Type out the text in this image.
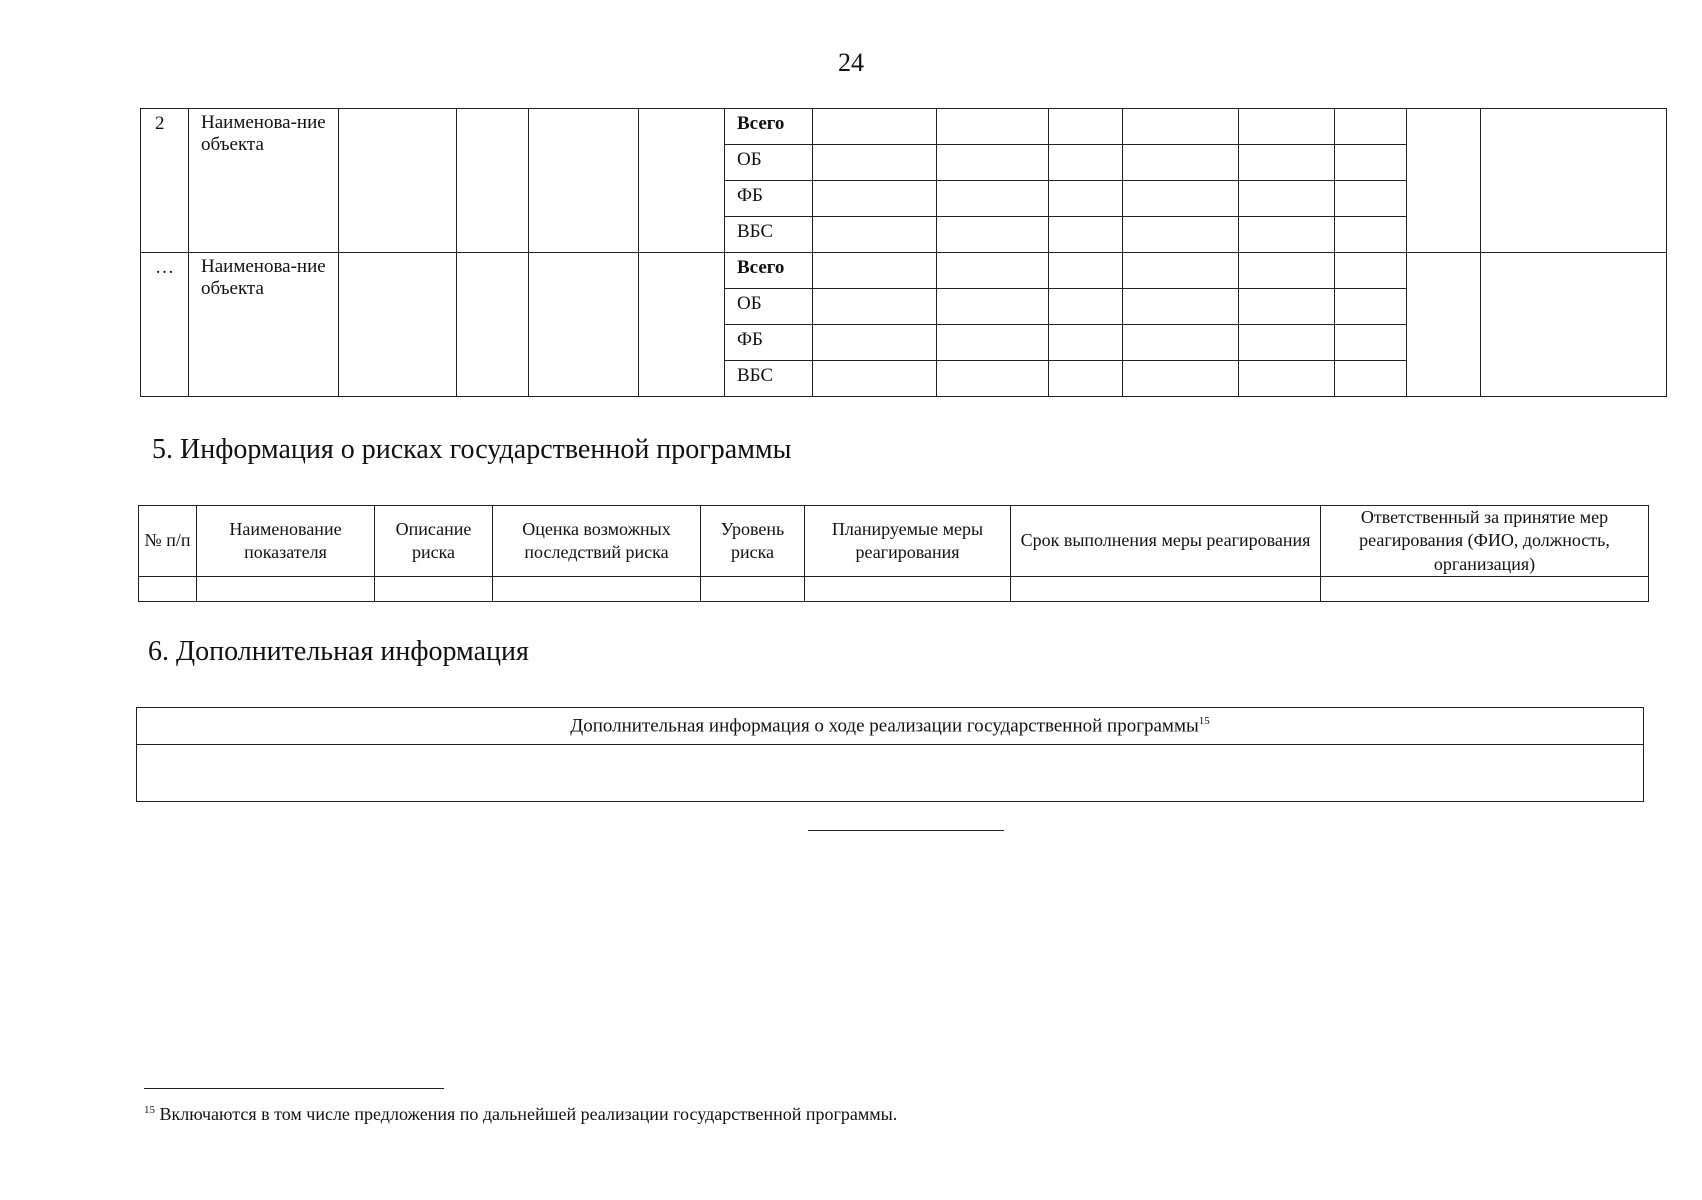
24
2	Наименова-ние объекта					Всего								
						ОБ								
						ФБ								
						ВБС								
…	Наименова-ние объекта					Всего								
						ОБ								
						ФБ								
						ВБС								
5. Информация о рисках государственной программы
№ п/п	Наименование показателя	Описание риска	Оценка возможных последствий риска	Уровень риска	Планируемые меры реагирования	Срок выполнения меры реагирования	Ответственный за принятие мер реагирования (ФИО, должность, организация)

6. Дополнительная информация
Дополнительная информация о ходе реализации государственной программы$^{15}$

$^{15}$ Включаются в том числе предложения по дальнейшей реализации государственной программы.
